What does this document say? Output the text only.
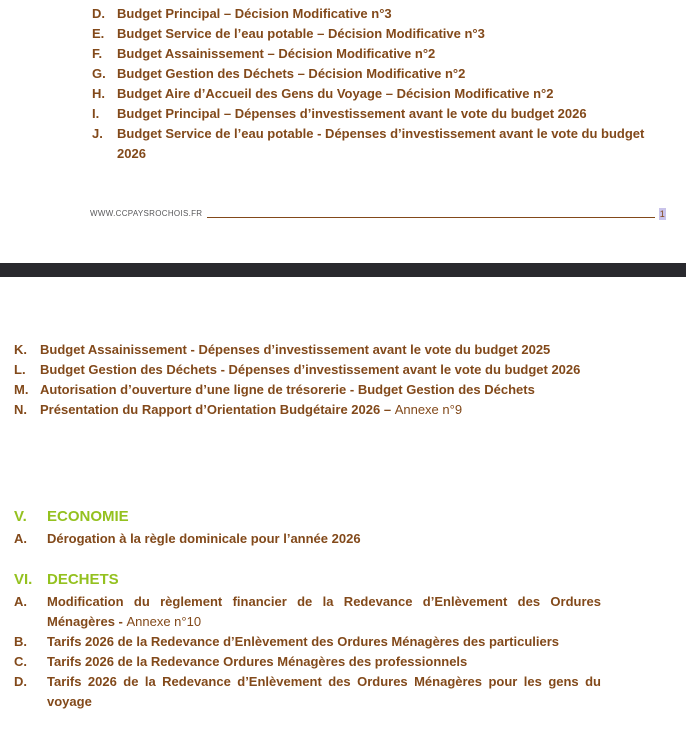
D. Budget Principal – Décision Modificative n°3
E. Budget Service de l’eau potable – Décision Modificative n°3
F. Budget Assainissement – Décision Modificative n°2
G. Budget Gestion des Déchets – Décision Modificative n°2
H. Budget Aire d’Accueil des Gens du Voyage – Décision Modificative n°2
I. Budget Principal – Dépenses d’investissement avant le vote du budget 2026
J. Budget Service de l’eau potable - Dépenses d’investissement avant le vote du budget 2026
WWW.CCPAYSROCHOIS.FR	1
K. Budget Assainissement - Dépenses d’investissement avant le vote du budget 2025
L. Budget Gestion des Déchets - Dépenses d’investissement avant le vote du budget 2026
M. Autorisation d’ouverture d’une ligne de trésorerie - Budget Gestion des Déchets
N. Présentation du Rapport d’Orientation Budgétaire 2026 – Annexe n°9
V. ECONOMIE
A. Dérogation à la règle dominicale pour l’année 2026
VI. DECHETS
A. Modification du règlement financier de la Redevance d’Enlèvement des Ordures Ménagères - Annexe n°10
B. Tarifs 2026 de la Redevance d’Enlèvement des Ordures Ménagères des particuliers
C. Tarifs 2026 de la Redevance Ordures Ménagères des professionnels
D. Tarifs 2026 de la Redevance d’Enlèvement des Ordures Ménagères pour les gens du voyage
